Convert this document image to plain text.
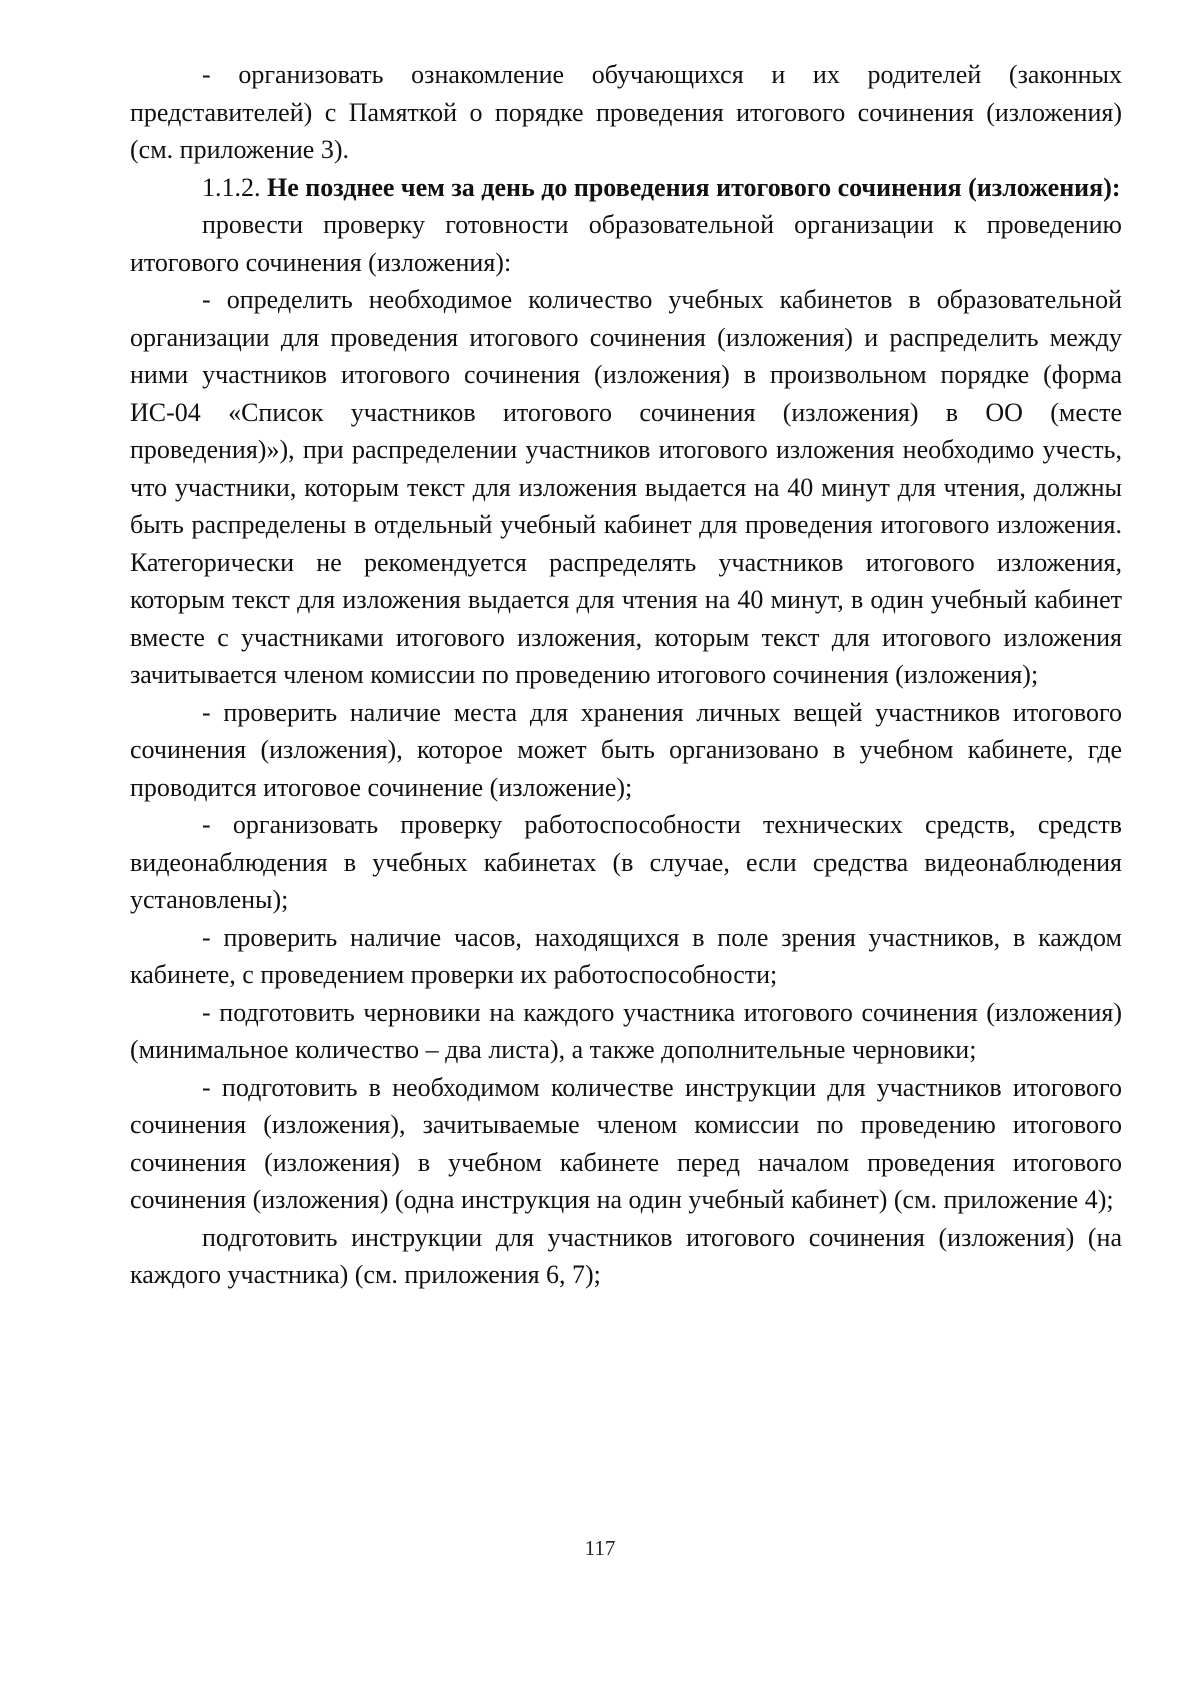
- организовать ознакомление обучающихся и их родителей (законных представителей) с Памяткой о порядке проведения итогового сочинения (изложения) (см. приложение 3).

1.1.2. Не позднее чем за день до проведения итогового сочинения (изложения):

провести проверку готовности образовательной организации к проведению итогового сочинения (изложения):

- определить необходимое количество учебных кабинетов в образовательной организации для проведения итогового сочинения (изложения) и распределить между ними участников итогового сочинения (изложения) в произвольном порядке (форма ИС-04 «Список участников итогового сочинения (изложения) в ОО (месте проведения)»), при распределении участников итогового изложения необходимо учесть, что участники, которым текст для изложения выдается на 40 минут для чтения, должны быть распределены в отдельный учебный кабинет для проведения итогового изложения. Категорически не рекомендуется распределять участников итогового изложения, которым текст для изложения выдается для чтения на 40 минут, в один учебный кабинет вместе с участниками итогового изложения, которым текст для итогового изложения зачитывается членом комиссии по проведению итогового сочинения (изложения);

- проверить наличие места для хранения личных вещей участников итогового сочинения (изложения), которое может быть организовано в учебном кабинете, где проводится итоговое сочинение (изложение);

- организовать проверку работоспособности технических средств, средств видеонаблюдения в учебных кабинетах (в случае, если средства видеонаблюдения установлены);

- проверить наличие часов, находящихся в поле зрения участников, в каждом кабинете, с проведением проверки их работоспособности;

- подготовить черновики на каждого участника итогового сочинения (изложения) (минимальное количество – два листа), а также дополнительные черновики;

- подготовить в необходимом количестве инструкции для участников итогового сочинения (изложения), зачитываемые членом комиссии по проведению итогового сочинения (изложения) в учебном кабинете перед началом проведения итогового сочинения (изложения) (одна инструкция на один учебный кабинет) (см. приложение 4);

подготовить инструкции для участников итогового сочинения (изложения) (на каждого участника) (см. приложения 6, 7);

117
